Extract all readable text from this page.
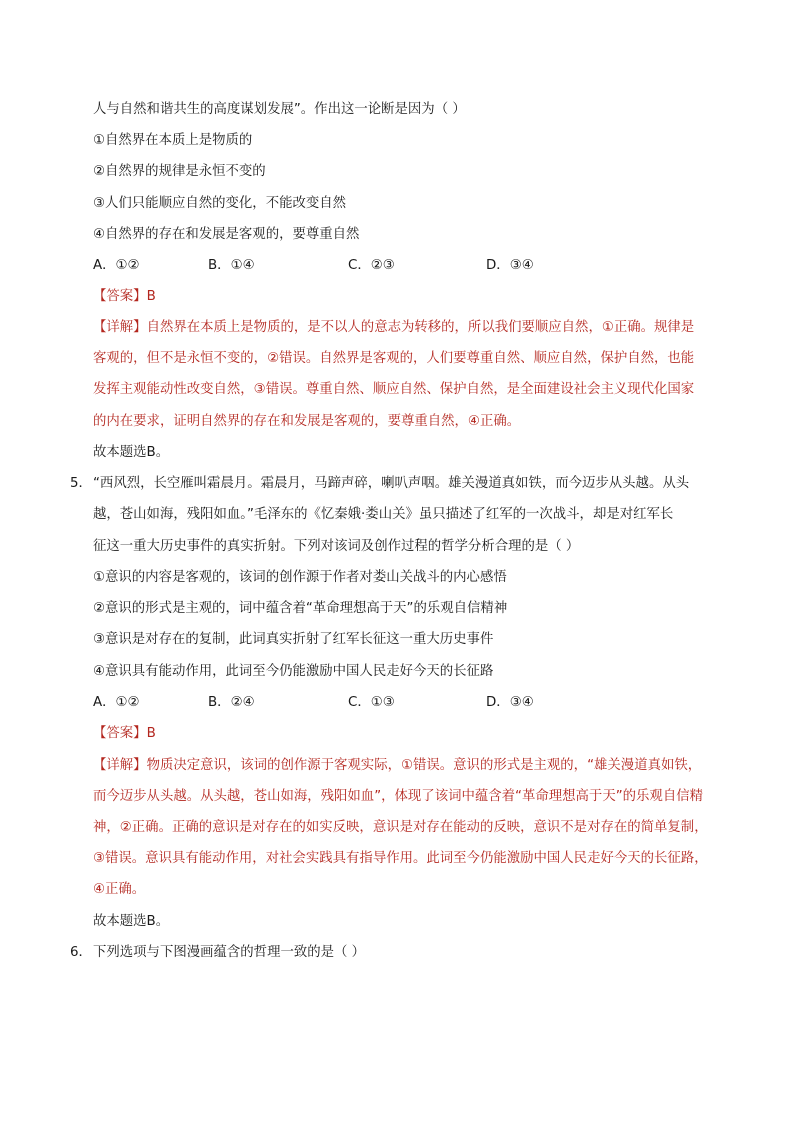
人与自然和谐共生的高度谋划发展”。作出这一论断是因为（ ）
①自然界在本质上是物质的
②自然界的规律是永恒不变的
③人们只能顺应自然的变化，不能改变自然
④自然界的存在和发展是客观的，要尊重自然
A．①②	B．①④	C．②③	D．③④
【答案】B
【详解】自然界在本质上是物质的，是不以人的意志为转移的，所以我们要顺应自然，①正确。规律是
客观的，但不是永恒不变的，②错误。自然界是客观的，人们要尊重自然、顺应自然，保护自然，也能
发挥主观能动性改变自然，③错误。尊重自然、顺应自然、保护自然，是全面建设社会主义现代化国家
的内在要求，证明自然界的存在和发展是客观的，要尊重自然，④正确。
故本题选B。
5． “西风烈，长空雁叫霜晨月。霜晨月，马蹄声碎，喇叭声咽。雄关漫道真如铁，而今迈步从头越。从头
越，苍山如海，残阳如血。”毛泽东的《忆秦娥·娄山关》虽只描述了红军的一次战斗，却是对红军长
征这一重大历史事件的真实折射。下列对该词及创作过程的哲学分析合理的是（ ）
①意识的内容是客观的，该词的创作源于作者对娄山关战斗的内心感悟
②意识的形式是主观的，词中蕴含着“革命理想高于天”的乐观自信精神
③意识是对存在的复制，此词真实折射了红军长征这一重大历史事件
④意识具有能动作用，此词至今仍能激励中国人民走好今天的长征路
A．①②	B．②④	C．①③	D．③④
【答案】B
【详解】物质决定意识，该词的创作源于客观实际，①错误。意识的形式是主观的，“雄关漫道真如铁，
而今迈步从头越。从头越，苍山如海，残阳如血”，体现了该词中蕴含着“革命理想高于天”的乐观自信精
神，②正确。正确的意识是对存在的如实反映，意识是对存在能动的反映，意识不是对存在的简单复制，
③错误。意识具有能动作用，对社会实践具有指导作用。此词至今仍能激励中国人民走好今天的长征路，
④正确。
故本题选B。
6． 下列选项与下图漫画蕴含的哲理一致的是（ ）
